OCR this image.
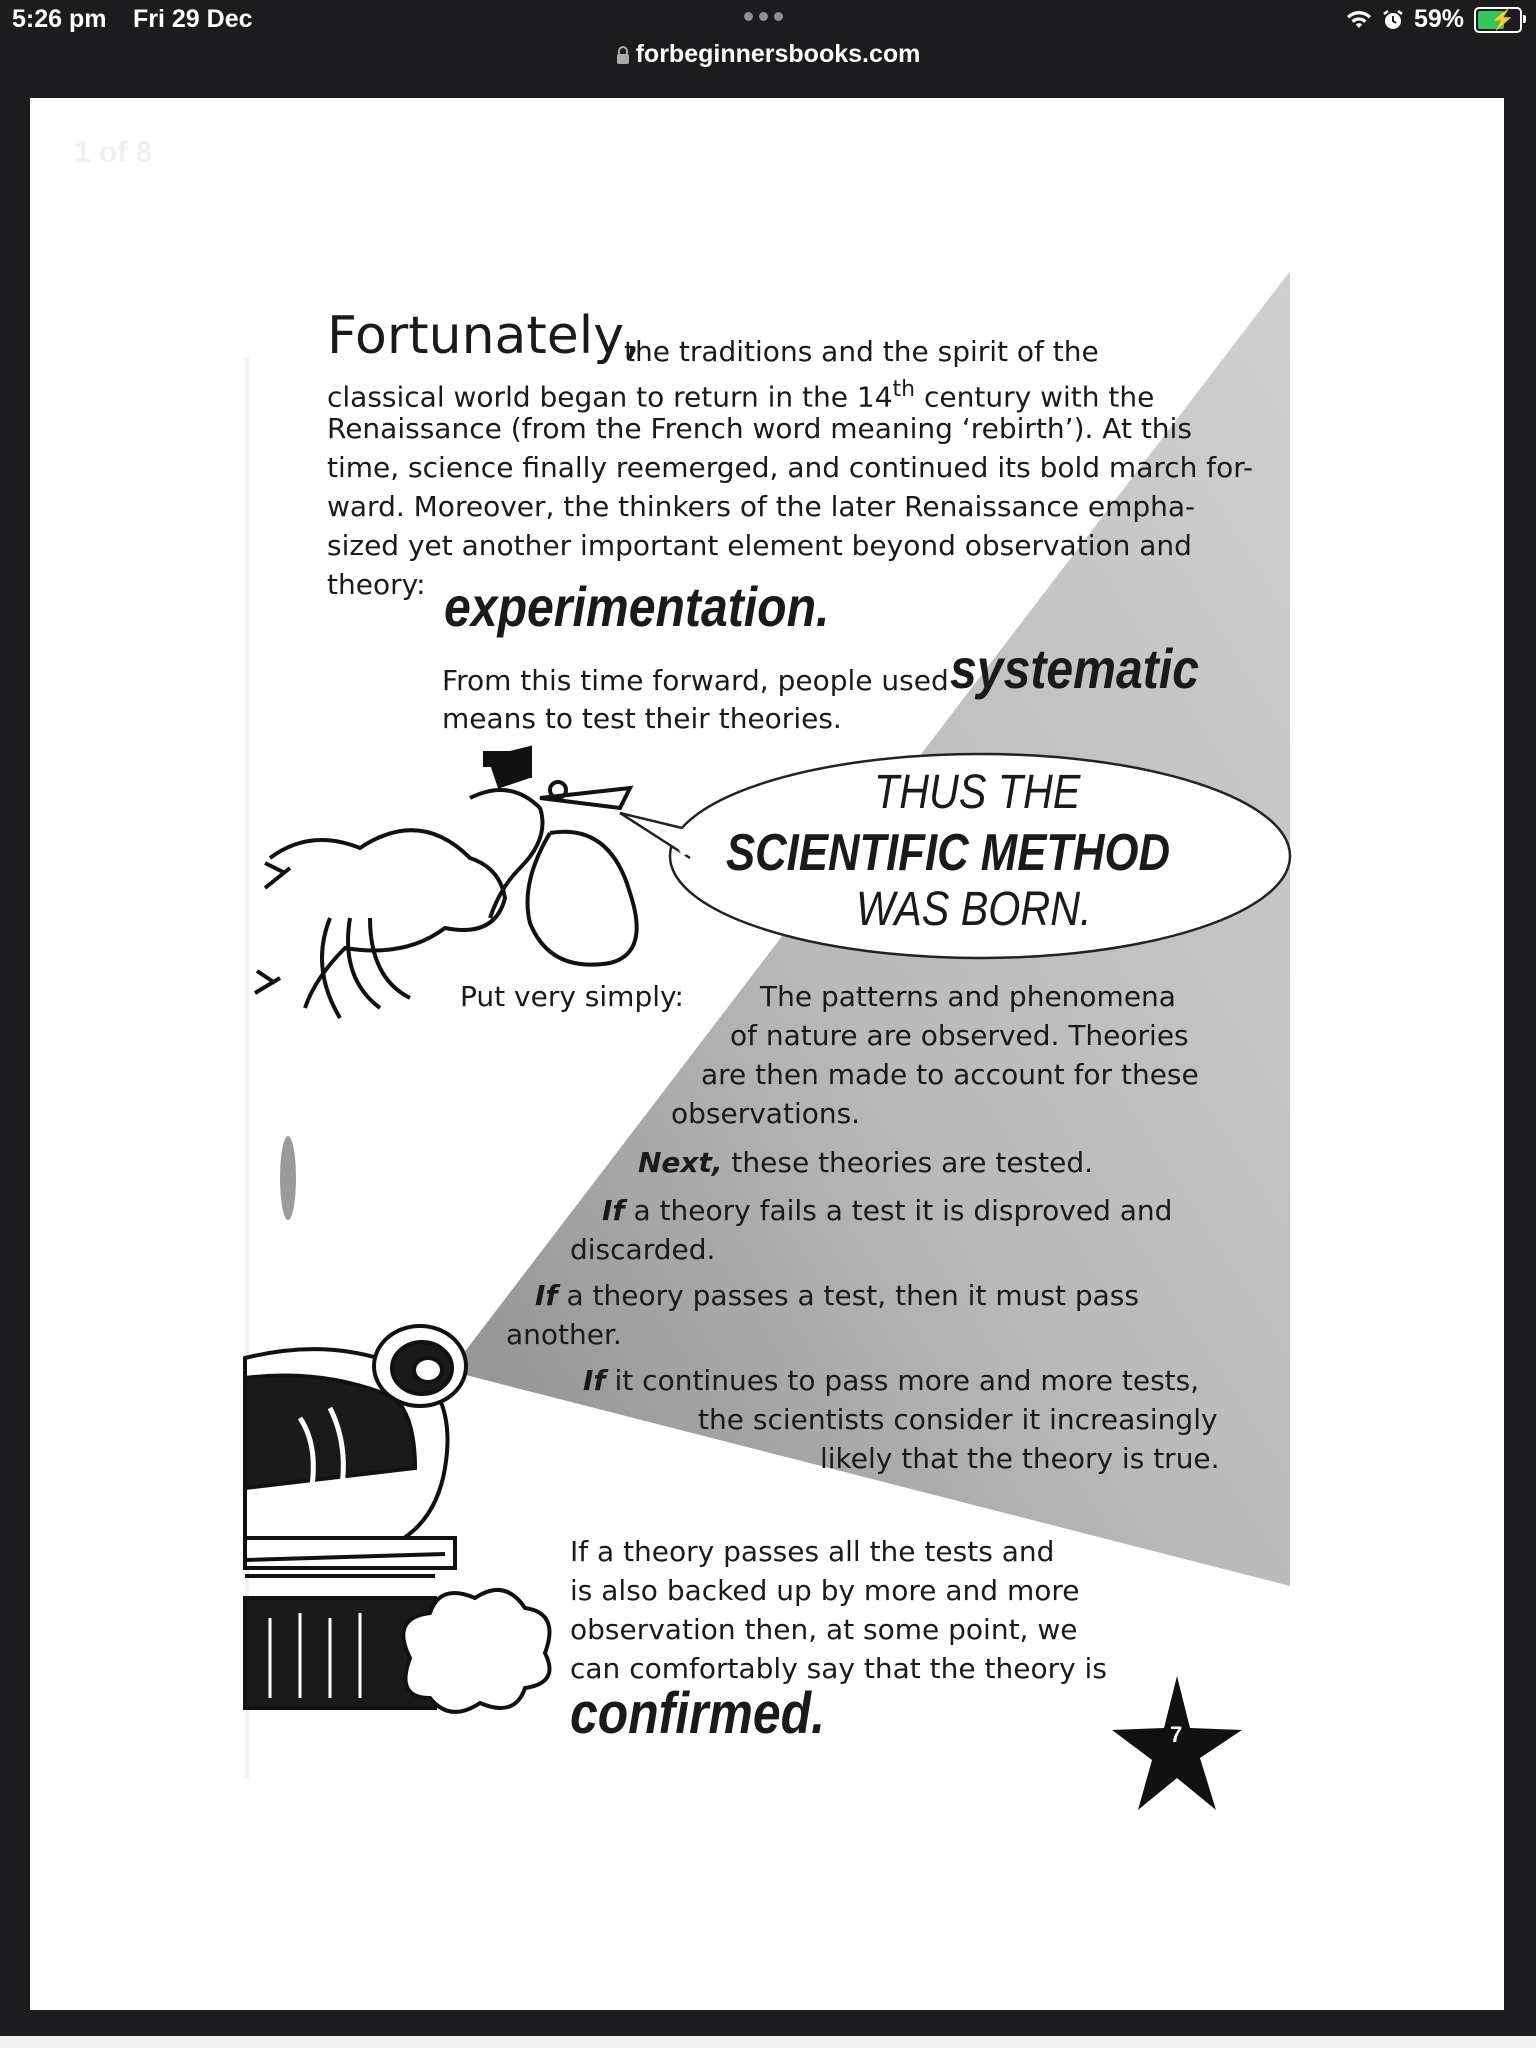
5:26 pm Fri 29 Dec	59% ⚡
forbeginnersbooks.com
1 of 8
Fortunately,
the traditions and the spirit of the
classical world began to return in the 14th century with the
Renaissance (from the French word meaning ‘rebirth’). At this
time, science finally reemerged, and continued its bold march for-
ward. Moreover, the thinkers of the later Renaissance empha-
sized yet another important element beyond observation and
theory: experimentation.
From this time forward, people used systematic
means to test their theories.
THUS THE
SCIENTIFIC METHOD
WAS BORN.
Put very simply:	The patterns and phenomena
of nature are observed. Theories
are then made to account for these
observations.
Next, these theories are tested.
If a theory fails a test it is disproved and
discarded.
If a theory passes a test, then it must pass
another.
If it continues to pass more and more tests,
the scientists consider it increasingly
likely that the theory is true.
If a theory passes all the tests and
is also backed up by more and more
observation then, at some point, we
can comfortably say that the theory is
confirmed.	7
